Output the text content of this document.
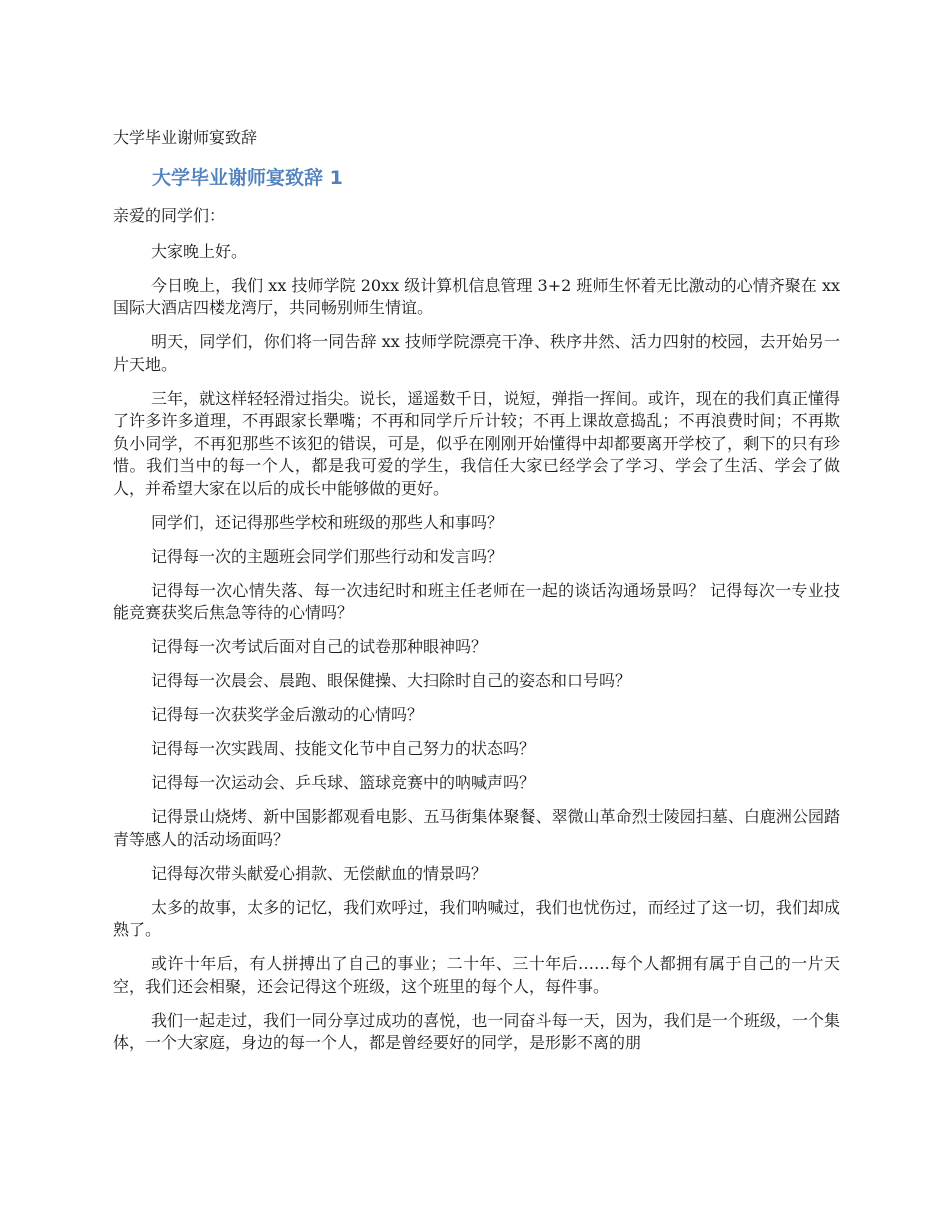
大学毕业谢师宴致辞
大学毕业谢师宴致辞 1

亲爱的同学们：

大家晚上好。

今日晚上，我们 xx 技师学院 20xx 级计算机信息管理 3+2 班师生怀着无比激动的心情齐聚在 xx 国际大酒店四楼龙湾厅，共同畅别师生情谊。

明天，同学们，你们将一同告辞 xx 技师学院漂亮干净、秩序井然、活力四射的校园，去开始另一片天地。

三年，就这样轻轻滑过指尖。说长，遥遥数千日，说短，弹指一挥间。或许，现在的我们真正懂得了许多许多道理，不再跟家长犟嘴；不再和同学斤斤计较；不再上课故意捣乱；不再浪费时间；不再欺负小同学，不再犯那些不该犯的错误，可是，似乎在刚刚开始懂得中却都要离开学校了，剩下的只有珍惜。我们当中的每一个人，都是我可爱的学生，我信任大家已经学会了学习、学会了生活、学会了做人，并希望大家在以后的成长中能够做的更好。

同学们，还记得那些学校和班级的那些人和事吗？

记得每一次的主题班会同学们那些行动和发言吗？

记得每一次心情失落、每一次违纪时和班主任老师在一起的谈话沟通场景吗？ 记得每次一专业技能竞赛获奖后焦急等待的心情吗？

记得每一次考试后面对自己的试卷那种眼神吗？

记得每一次晨会、晨跑、眼保健操、大扫除时自己的姿态和口号吗？

记得每一次获奖学金后激动的心情吗？

记得每一次实践周、技能文化节中自己努力的状态吗？

记得每一次运动会、乒乓球、篮球竞赛中的呐喊声吗？

记得景山烧烤、新中国影都观看电影、五马街集体聚餐、翠微山革命烈士陵园扫墓、白鹿洲公园踏青等感人的活动场面吗？

记得每次带头献爱心捐款、无偿献血的情景吗？

太多的故事，太多的记忆，我们欢呼过，我们呐喊过，我们也忧伤过，而经过了这一切，我们却成熟了。

或许十年后，有人拼搏出了自己的事业；二十年、三十年后……每个人都拥有属于自己的一片天空，我们还会相聚，还会记得这个班级，这个班里的每个人，每件事。

我们一起走过，我们一同分享过成功的喜悦，也一同奋斗每一天，因为，我们是一个班级，一个集体，一个大家庭，身边的每一个人，都是曾经要好的同学，是形影不离的朋
